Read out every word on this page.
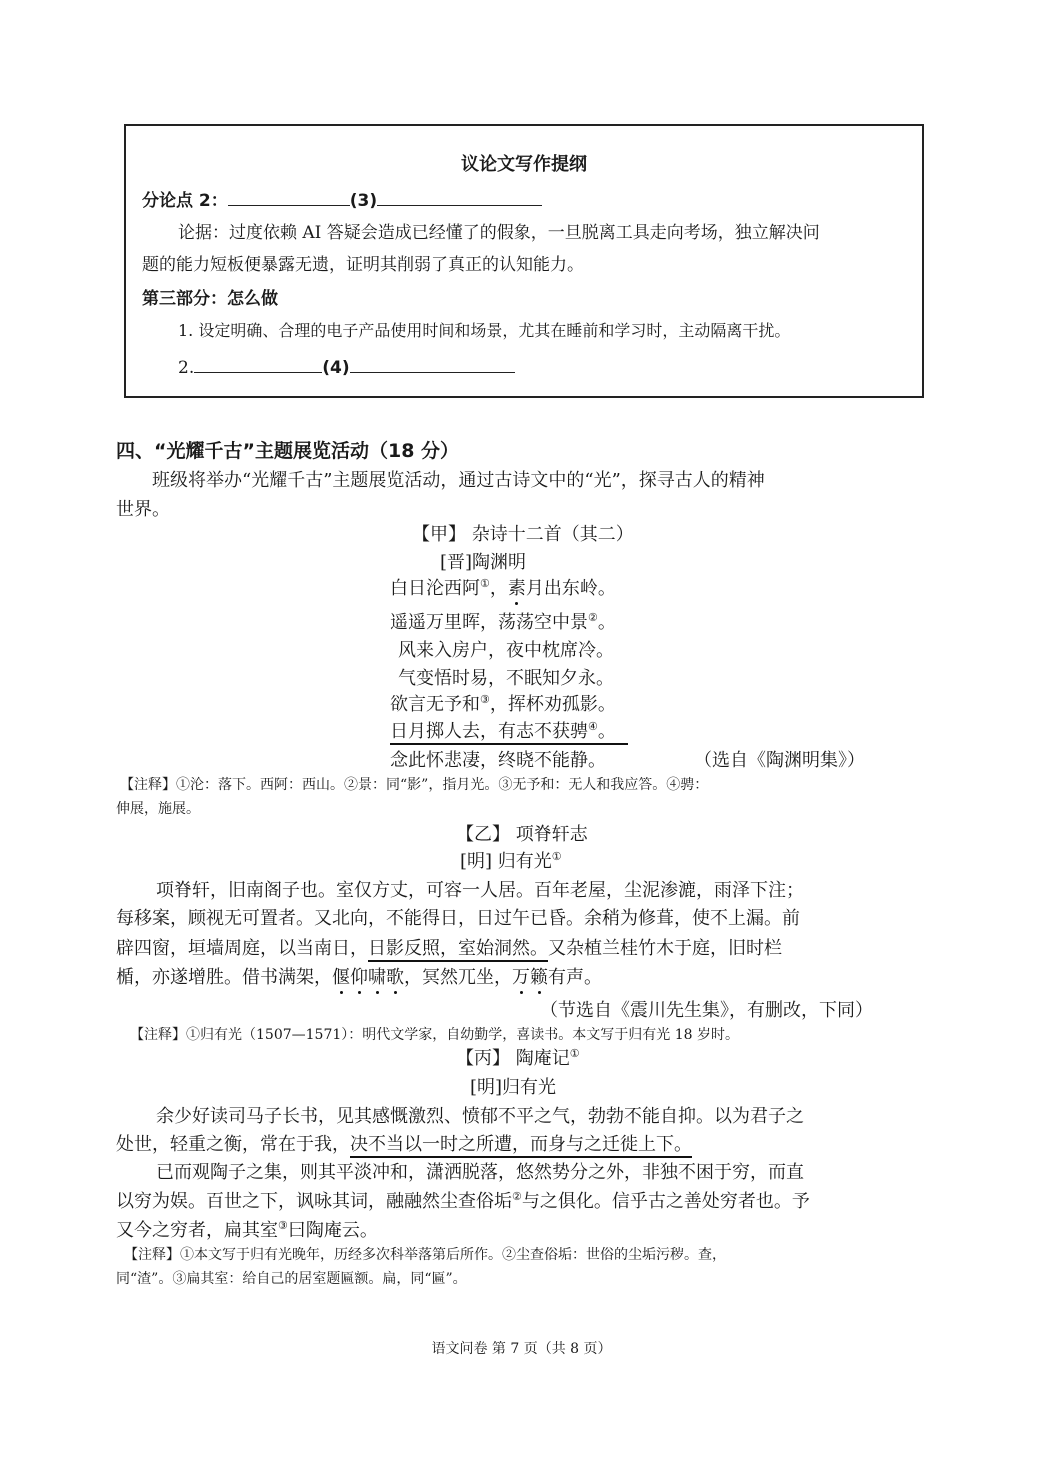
议论文写作提纲
分论点 2：	(3)
论据：过度依赖 AI 答疑会造成已经懂了的假象，一旦脱离工具走向考场，独立解决问
题的能力短板便暴露无遗，证明其削弱了真正的认知能力。
第三部分：怎么做
1. 设定明确、合理的电子产品使用时间和场景，尤其在睡前和学习时，主动隔离干扰。
2.	(4)
四、“光耀千古”主题展览活动（18 分）
班级将举办“光耀千古”主题展览活动，通过古诗文中的“光”，探寻古人的精神
世界。
【甲】 杂诗十二首（其二）
[晋]陶渊明
白日沦西阿①，素月出东岭。
遥遥万里晖，荡荡空中景②。
风来入房户，夜中枕席冷。
气变悟时易，不眠知夕永。
欲言无予和③，挥杯劝孤影。
日月掷人去，有志不获骋④。
念此怀悲凄，终晓不能静。	（选自《陶渊明集》）
【注释】①沦：落下。西阿：西山。②景：同“影”，指月光。③无予和：无人和我应答。④骋：
伸展，施展。
【乙】 项脊轩志
[明] 归有光①
项脊轩，旧南阁子也。室仅方丈，可容一人居。百年老屋，尘泥渗漉，雨泽下注；
每移案，顾视无可置者。又北向，不能得日，日过午已昏。余稍为修葺，使不上漏。前
辟四窗，垣墙周庭，以当南日，日影反照，室始洞然。又杂植兰桂竹木于庭，旧时栏
楯，亦遂增胜。借书满架，偃仰啸歌，冥然兀坐，万籁有声。
（节选自《震川先生集》，有删改，下同）
【注释】①归有光（1507—1571）：明代文学家，自幼勤学，喜读书。本文写于归有光 18 岁时。
【丙】 陶庵记①
[明]归有光
余少好读司马子长书，见其感慨激烈、愤郁不平之气，勃勃不能自抑。以为君子之
处世，轻重之衡，常在于我，决不当以一时之所遭，而身与之迁徙上下。
已而观陶子之集，则其平淡冲和，潇洒脱落，悠然势分之外，非独不困于穷，而直
以穷为娱。百世之下，讽咏其词，融融然尘查俗垢②与之俱化。信乎古之善处穷者也。予
又今之穷者，扁其室③曰陶庵云。
【注释】①本文写于归有光晚年，历经多次科举落第后所作。②尘查俗垢：世俗的尘垢污秽。查，
同“渣”。③扁其室：给自己的居室题匾额。扁，同“匾”。
语文问卷 第 7 页（共 8 页）
